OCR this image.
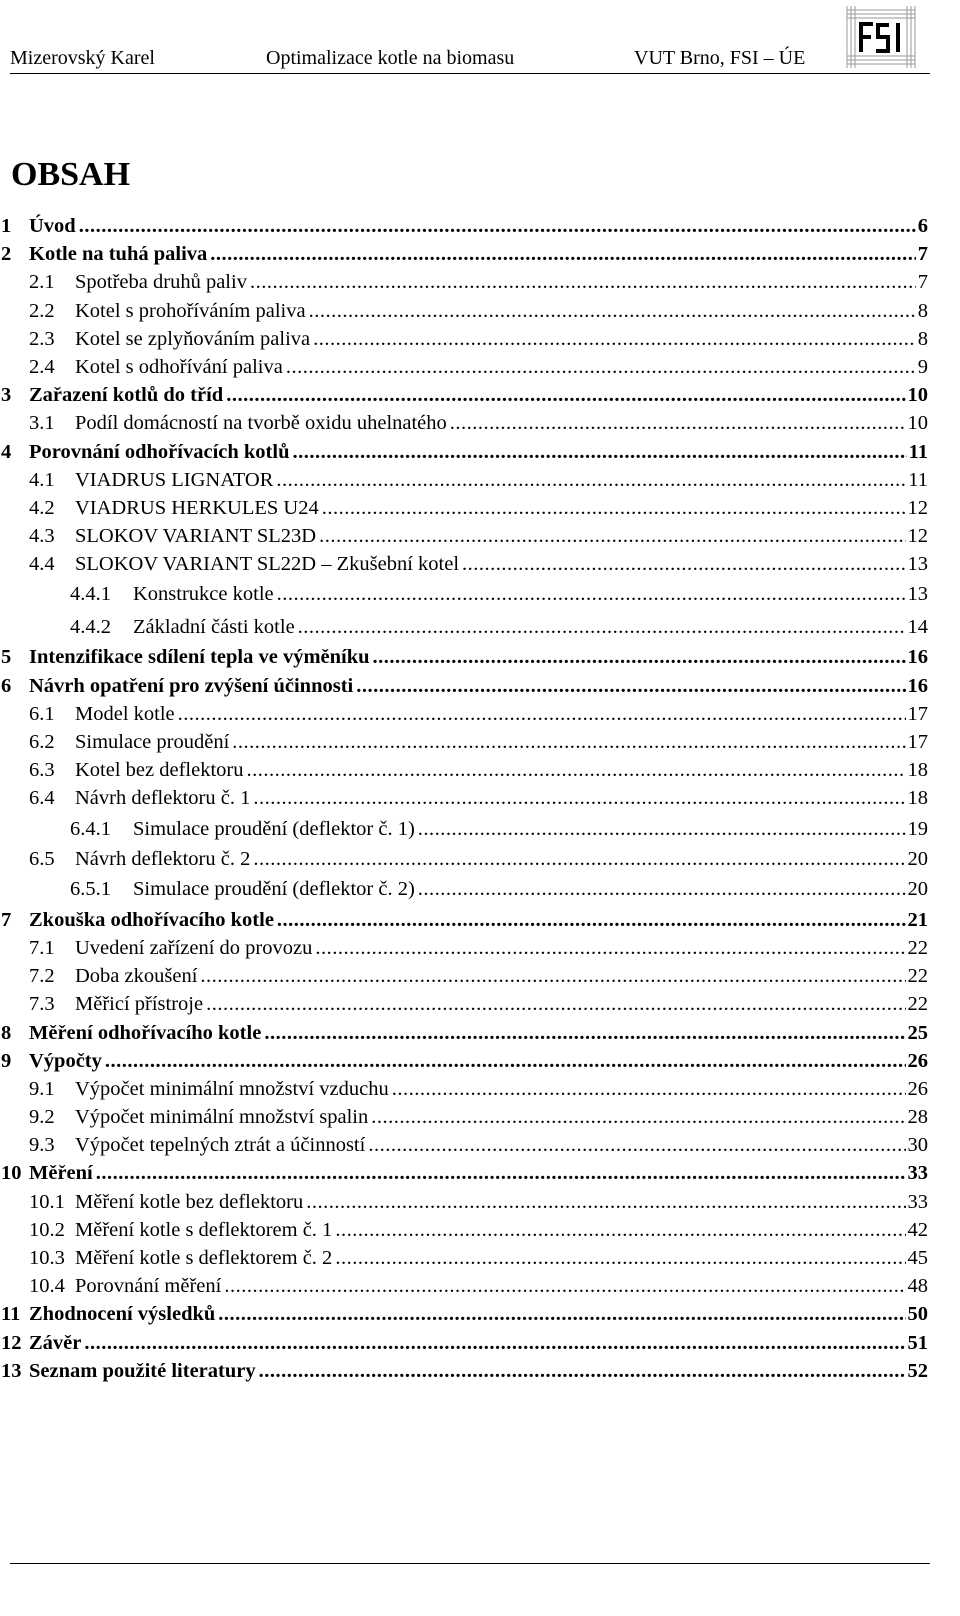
Mizerovský Karel	Optimalizace kotle na biomasu	VUT Brno, FSI – ÚE
OBSAH
1 Úvod .....	6
2 Kotle na tuhá paliva .....	7
2.1 Spotřeba druhů paliv .....	7
2.2 Kotel s prohoříváním paliva .....	8
2.3 Kotel se zplyňováním paliva .....	8
2.4 Kotel s odhořívání paliva .....	9
3 Zařazení kotlů do tříd .....	10
3.1 Podíl domácností na tvorbě oxidu uhelnatého .....	10
4 Porovnání odhořívacích kotlů .....	11
4.1 VIADRUS LIGNATOR .....	11
4.2 VIADRUS HERKULES U24 .....	12
4.3 SLOKOV VARIANT SL23D .....	12
4.4 SLOKOV VARIANT SL22D – Zkušební kotel .....	13
4.4.1 Konstrukce kotle .....	13
4.4.2 Základní části kotle .....	14
5 Intenzifikace sdílení tepla ve výměníku .....	16
6 Návrh opatření pro zvýšení účinnosti .....	16
6.1 Model kotle .....	17
6.2 Simulace proudění .....	17
6.3 Kotel bez deflektoru .....	18
6.4 Návrh deflektoru č. 1 .....	18
6.4.1 Simulace proudění (deflektor č. 1) .....	19
6.5 Návrh deflektoru č. 2 .....	20
6.5.1 Simulace proudění (deflektor č. 2) .....	20
7 Zkouška odhořívacího kotle .....	21
7.1 Uvedení zařízení do provozu .....	22
7.2 Doba zkoušení .....	22
7.3 Měřicí přístroje .....	22
8 Měření odhořívacího kotle .....	25
9 Výpočty .....	26
9.1 Výpočet minimální množství vzduchu .....	26
9.2 Výpočet minimální množství spalin .....	28
9.3 Výpočet tepelných ztrát a účinností .....	30
10 Měření .....	33
10.1 Měření kotle bez deflektoru .....	33
10.2 Měření kotle s deflektorem č. 1 .....	42
10.3 Měření kotle s deflektorem č. 2 .....	45
10.4 Porovnání měření .....	48
11 Zhodnocení výsledků .....	50
12 Závěr .....	51
13 Seznam použité literatury .....	52
